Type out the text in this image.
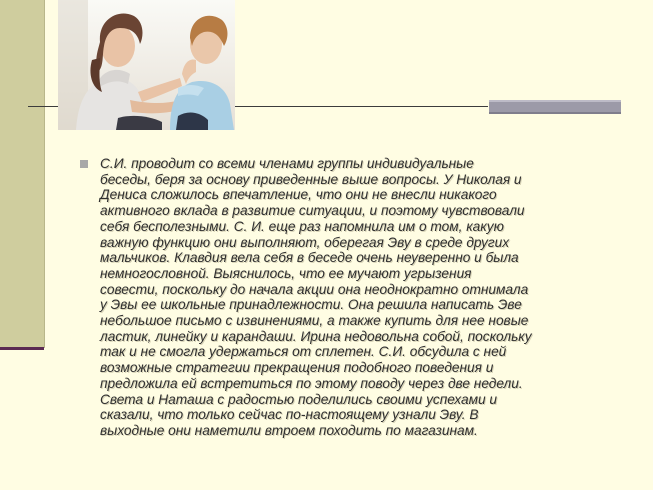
С.И. проводит со всеми членами группы индивидуальные
беседы, беря за основу приведенные выше вопросы. У Николая и
Дениса сложилось впечатление, что они не внесли никакого
активного вклада в развитие ситуации, и поэтому чувствовали
себя бесполезными. С. И. еще раз напомнила им о том, какую
важную функцию они выполняют, оберегая Эву в среде других
мальчиков. Клавдия вела себя в беседе очень неуверенно и была
немногословной. Выяснилось, что ее мучают угрызения
совести, поскольку до начала акции она неоднократно отнимала
у Эвы ее школьные принадлежности. Она решила написать Эве
небольшое письмо с извинениями, а также купить для нее новые
ластик, линейку и карандаши. Ирина недовольна собой, поскольку
так и не смогла удержаться от сплетен. С.И. обсудила с ней
возможные стратегии прекращения подобного поведения и
предложила ей встретиться по этому поводу через две недели.
Света и Наташа с радостью поделились своими успехами и
сказали, что только сейчас по-настоящему узнали Эву. В
выходные они наметили втроем походить по магазинам.
